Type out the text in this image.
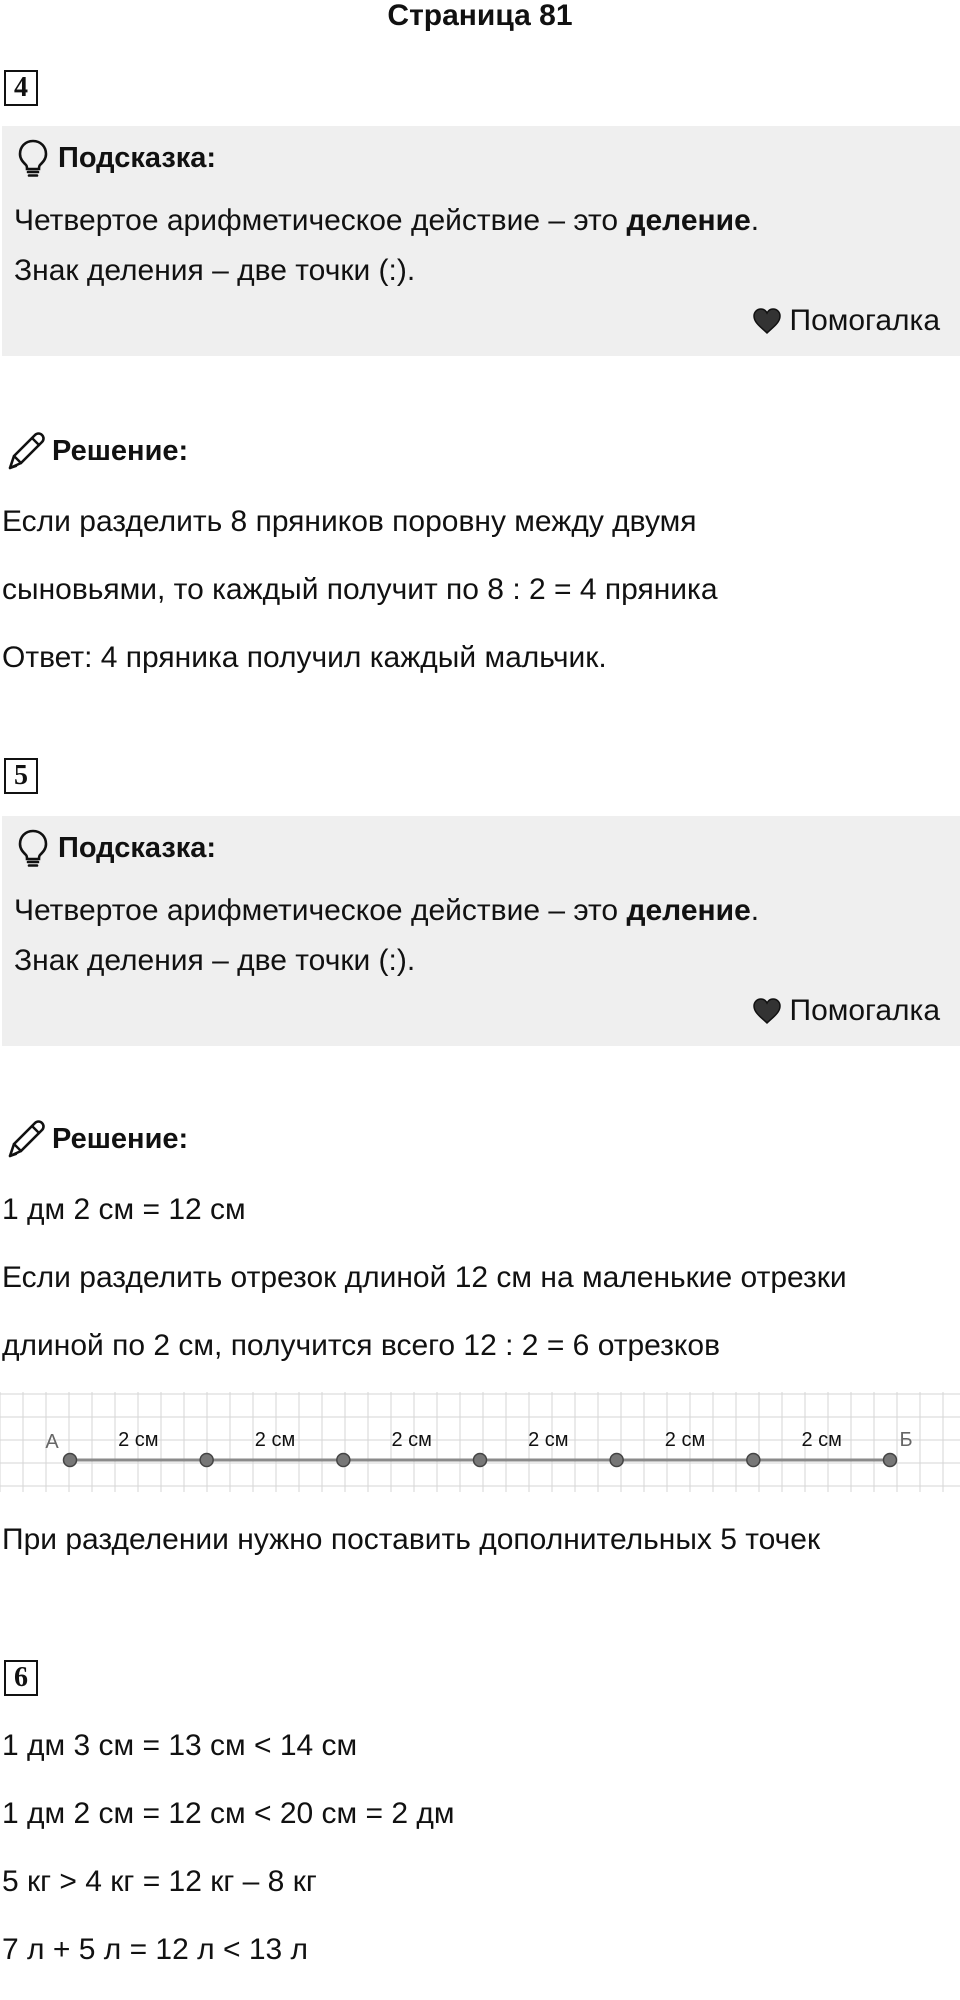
Страница 81
4
Подсказка:
Четвертое арифметическое действие – это деление.
Знак деления – две точки (:).
Помогалка
Решение:
Если разделить 8 пряников поровну между двумя
сыновьями, то каждый получит по 8 : 2 = 4 пряника
Ответ: 4 пряника получил каждый мальчик.
5
Подсказка:
Четвертое арифметическое действие – это деление.
Знак деления – две точки (:).
Помогалка
Решение:
1 дм 2 см = 12 см
Если разделить отрезок длиной 12 см на маленькие отрезки
длиной по 2 см, получится всего 12 : 2 = 6 отрезков
2 см	2 см	2 см	2 см	2 см	2 см
А	Б
При разделении нужно поставить дополнительных 5 точек
6
1 дм 3 см = 13 см < 14 см
1 дм 2 см = 12 см < 20 см = 2 дм
5 кг > 4 кг = 12 кг – 8 кг
7 л + 5 л = 12 л < 13 л
